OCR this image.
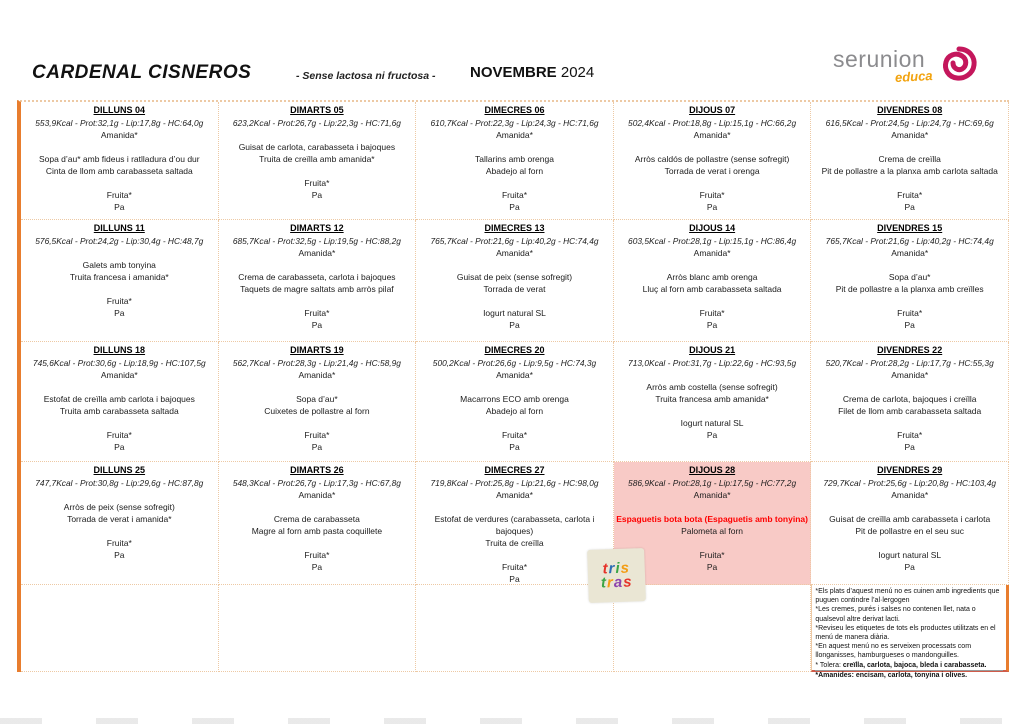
CARDENAL CISNEROS	- Sense lactosa ni fructosa - NOVEMBRE 2024
serunion
educa
DILLUNS 04
553,9Kcal - Prot:32,1g - Lip:17,8g - HC:64,0g
Amanida*
Sopa d’au* amb fideus i ratlladura d’ou dur
Cinta de llom amb carabasseta saltada
Fruita*
Pa
DIMARTS 05
623,2Kcal - Prot:26,7g - Lip:22,3g - HC:71,6g
Guisat de carlota, carabasseta i bajoques
Truita de creïlla amb amanida*
Fruita*
Pa
DIMECRES 06
610,7Kcal - Prot:22,3g - Lip:24,3g - HC:71,6g
Amanida*
Tallarins amb orenga
Abadejo al forn
Fruita*
Pa
DIJOUS 07
502,4Kcal - Prot:18,8g - Lip:15,1g - HC:66,2g
Amanida*
Arròs caldós de pollastre (sense sofregit)
Torrada de verat i orenga
Fruita*
Pa
DIVENDRES 08
616,5Kcal - Prot:24,5g - Lip:24,7g - HC:69,6g
Amanida*
Crema de creïlla
Pit de pollastre a la planxa amb carlota saltada
Fruita*
Pa
DILLUNS 11
576,5Kcal - Prot:24,2g - Lip:30,4g - HC:48,7g
Galets amb tonyina
Truita francesa i amanida*
Fruita*
Pa
DIMARTS 12
685,7Kcal - Prot:32,5g - Lip:19,5g - HC:88,2g
Amanida*
Crema de carabasseta, carlota i bajoques
Taquets de magre saltats amb arròs pilaf
Fruita*
Pa
DIMECRES 13
765,7Kcal - Prot:21,6g - Lip:40,2g - HC:74,4g
Amanida*
Guisat de peix (sense sofregit)
Torrada de verat
Iogurt natural SL
Pa
DIJOUS 14
603,5Kcal - Prot:28,1g - Lip:15,1g - HC:86,4g
Amanida*
Arròs blanc amb orenga
Lluç al forn amb carabasseta saltada
Fruita*
Pa
DIVENDRES 15
765,7Kcal - Prot:21,6g - Lip:40,2g - HC:74,4g
Amanida*
Sopa d’au*
Pit de pollastre a la planxa amb creïlles
Fruita*
Pa
DILLUNS 18
745,6Kcal - Prot:30,6g - Lip:18,9g - HC:107,5g
Amanida*
Estofat de creïlla amb carlota i bajoques
Truita amb carabasseta saltada
Fruita*
Pa
DIMARTS 19
562,7Kcal - Prot:28,3g - Lip:21,4g - HC:58,9g
Amanida*
Sopa d’au*
Cuixetes de pollastre al forn
Fruita*
Pa
DIMECRES 20
500,2Kcal - Prot:26,6g - Lip:9,5g - HC:74,3g
Amanida*
Macarrons ECO amb orenga
Abadejo al forn
Fruita*
Pa
DIJOUS 21
713,0Kcal - Prot:31,7g - Lip:22,6g - HC:93,5g
Arròs amb costella (sense sofregit)
Truita francesa amb amanida*
Iogurt natural SL
Pa
DIVENDRES 22
520,7Kcal - Prot:28,2g - Lip:17,7g - HC:55,3g
Amanida*
Crema de carlota, bajoques i creïlla
Filet de llom amb carabasseta saltada
Fruita*
Pa
DILLUNS 25
747,7Kcal - Prot:30,8g - Lip:29,6g - HC:87,8g
Arròs de peix (sense sofregit)
Torrada de verat i amanida*
Fruita*
Pa
DIMARTS 26
548,3Kcal - Prot:26,7g - Lip:17,3g - HC:67,8g
Amanida*
Crema de carabasseta
Magre al forn amb pasta coquillete
Fruita*
Pa
DIMECRES 27
719,8Kcal - Prot:25,8g - Lip:21,6g - HC:98,0g
Amanida*
Estofat de verdures (carabasseta, carlota i bajoques)
Truita de creïlla
Fruita*
Pa
DIJOUS 28
586,9Kcal - Prot:28,1g - Lip:17,5g - HC:77,2g
Amanida*
Espaguetis bota bota (Espaguetis amb tonyina)
Palometa al forn
Fruita*
Pa
DIVENDRES 29
729,7Kcal - Prot:25,6g - Lip:20,8g - HC:103,4g
Amanida*
Guisat de creïlla amb carabasseta i carlota
Pit de pollastre en el seu suc
Iogurt natural SL
Pa
*Els plats d’aquest menú no es cuinen amb ingredients que puguen contindre l’al·lergogen
*Les cremes, purés i salses no contenen llet, nata o qualsevol altre derivat lacti.
*Reviseu les etiquetes de tots els productes utilitzats en el menú de manera diària.
*En aquest menú no es serveixen processats com llonganisses, hamburgueses o mandonguilles.
* Tolera: creïlla, carlota, bajoca, bleda i carabasseta.
*Amanides: encisam, carlota, tonyina i olives.
tris
tras
